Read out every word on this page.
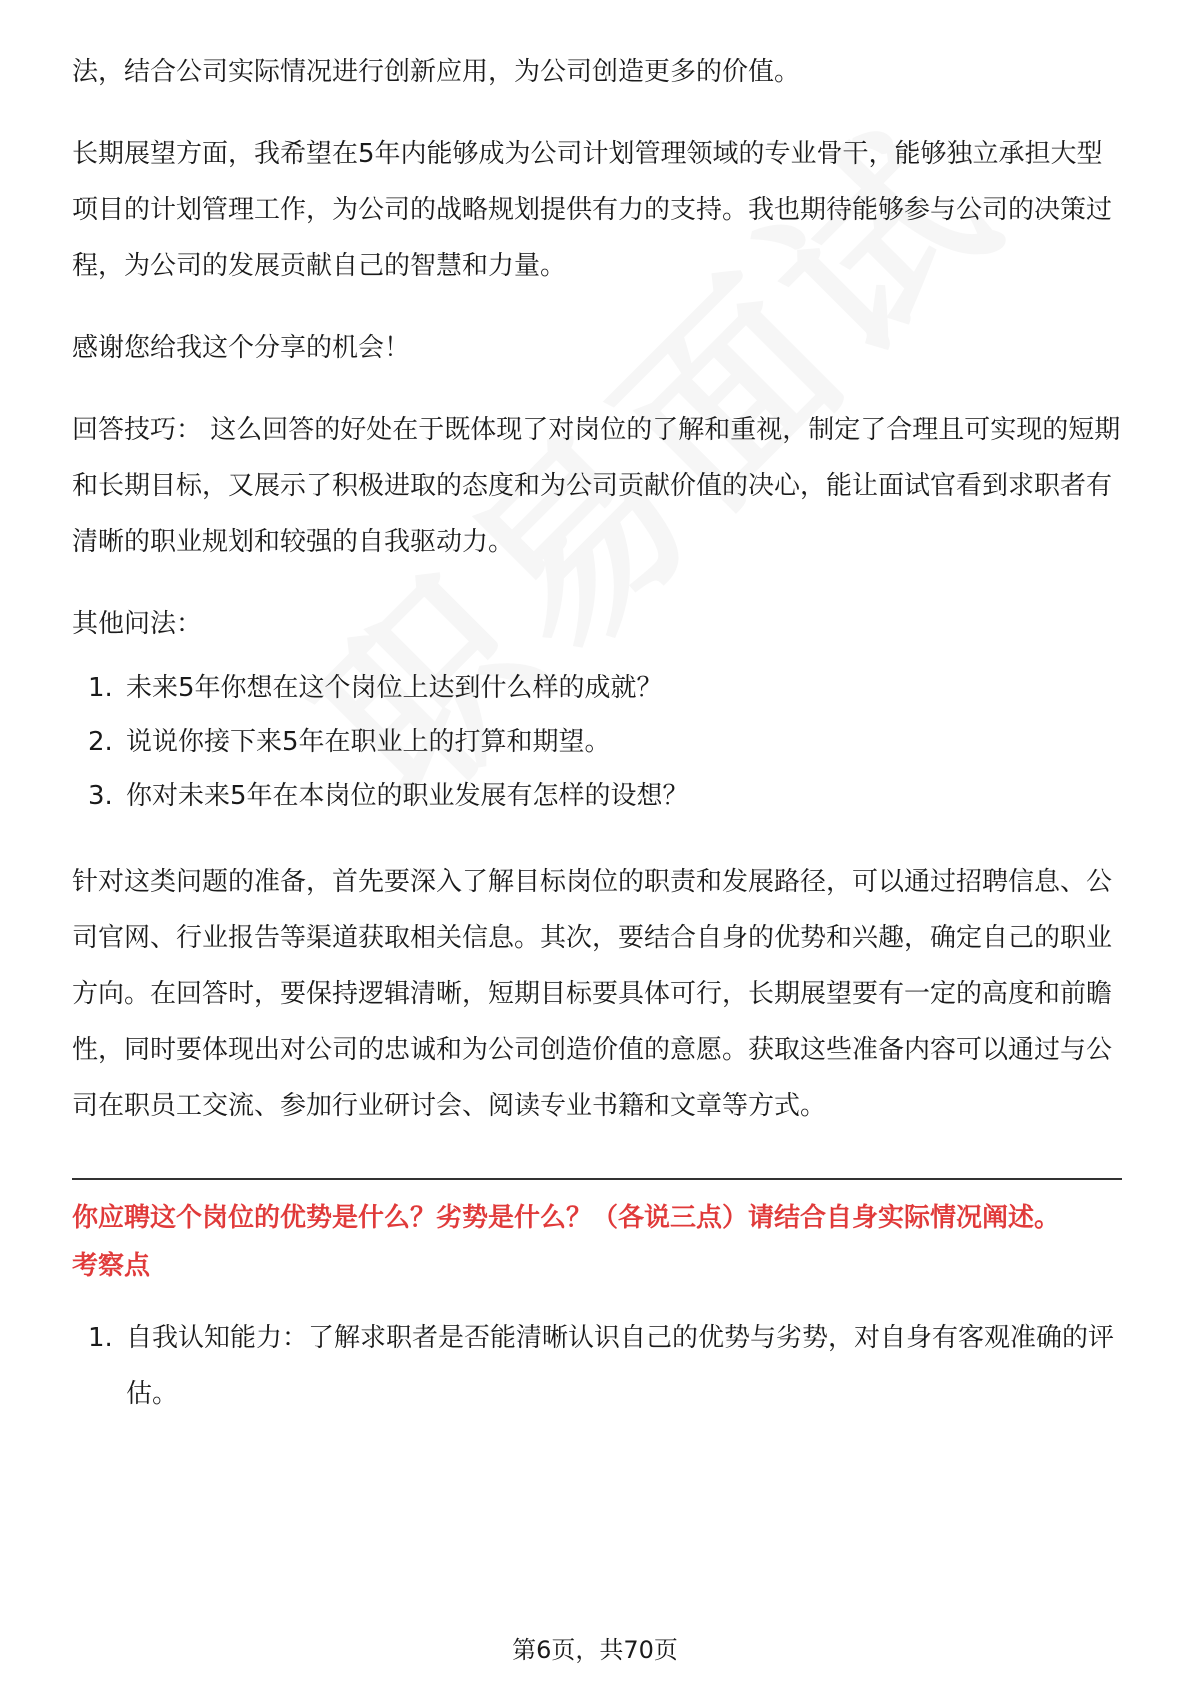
法，结合公司实际情况进行创新应用，为公司创造更多的价值。

长期展望方面，我希望在5年内能够成为公司计划管理领域的专业骨干，能够独立承担大型项目的计划管理工作，为公司的战略规划提供有力的支持。我也期待能够参与公司的决策过程，为公司的发展贡献自己的智慧和力量。

感谢您给我这个分享的机会！

回答技巧： 这么回答的好处在于既体现了对岗位的了解和重视，制定了合理且可实现的短期和长期目标，又展示了积极进取的态度和为公司贡献价值的决心，能让面试官看到求职者有清晰的职业规划和较强的自我驱动力。

其他问法：

1. 未来5年你想在这个岗位上达到什么样的成就？
2. 说说你接下来5年在职业上的打算和期望。
3. 你对未来5年在本岗位的职业发展有怎样的设想？

针对这类问题的准备，首先要深入了解目标岗位的职责和发展路径，可以通过招聘信息、公司官网、行业报告等渠道获取相关信息。其次，要结合自身的优势和兴趣，确定自己的职业方向。在回答时，要保持逻辑清晰，短期目标要具体可行，长期展望要有一定的高度和前瞻性，同时要体现出对公司的忠诚和为公司创造价值的意愿。获取这些准备内容可以通过与公司在职员工交流、参加行业研讨会、阅读专业书籍和文章等方式。

你应聘这个岗位的优势是什么？劣势是什么？（各说三点）请结合自身实际情况阐述。

考察点

1. 自我认知能力：了解求职者是否能清晰认识自己的优势与劣势，对自身有客观准确的评估。
第6页，共70页
